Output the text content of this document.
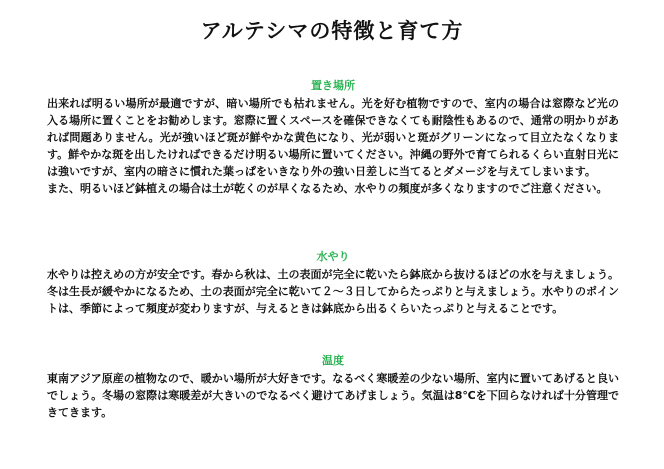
アルテシマの特徴と育て方
置き場所
出来れば明るい場所が最適ですが、暗い場所でも枯れません。光を好む植物ですので、室内の場合は窓際など光の入る場所に置くことをお勧めします。窓際に置くスペースを確保できなくても耐陰性もあるので、通常の明かりがあれば問題ありません。光が強いほど斑が鮮やかな黄色になり、光が弱いと斑がグリーンになって目立たなくなります。鮮やかな斑を出したければできるだけ明るい場所に置いてください。沖縄の野外で育てられるくらい直射日光には強いですが、室内の暗さに慣れた葉っぱをいきなり外の強い日差しに当てるとダメージを与えてしまいます。
また、明るいほど鉢植えの場合は土が乾くのが早くなるため、水やりの頻度が多くなりますのでご注意ください。
水やり
水やりは控えめの方が安全です。春から秋は、土の表面が完全に乾いたら鉢底から抜けるほどの水を与えましょう。冬は生長が緩やかになるため、土の表面が完全に乾いて２～３日してからたっぷりと与えましょう。水やりのポイントは、季節によって頻度が変わりますが、与えるときは鉢底から出るくらいたっぷりと与えることです。
温度
東南アジア原産の植物なので、暖かい場所が大好きです。なるべく寒暖差の少ない場所、室内に置いてあげると良いでしょう。冬場の窓際は寒暖差が大きいのでなるべく避けてあげましょう。気温は8℃を下回らなければ十分管理できてきます。
